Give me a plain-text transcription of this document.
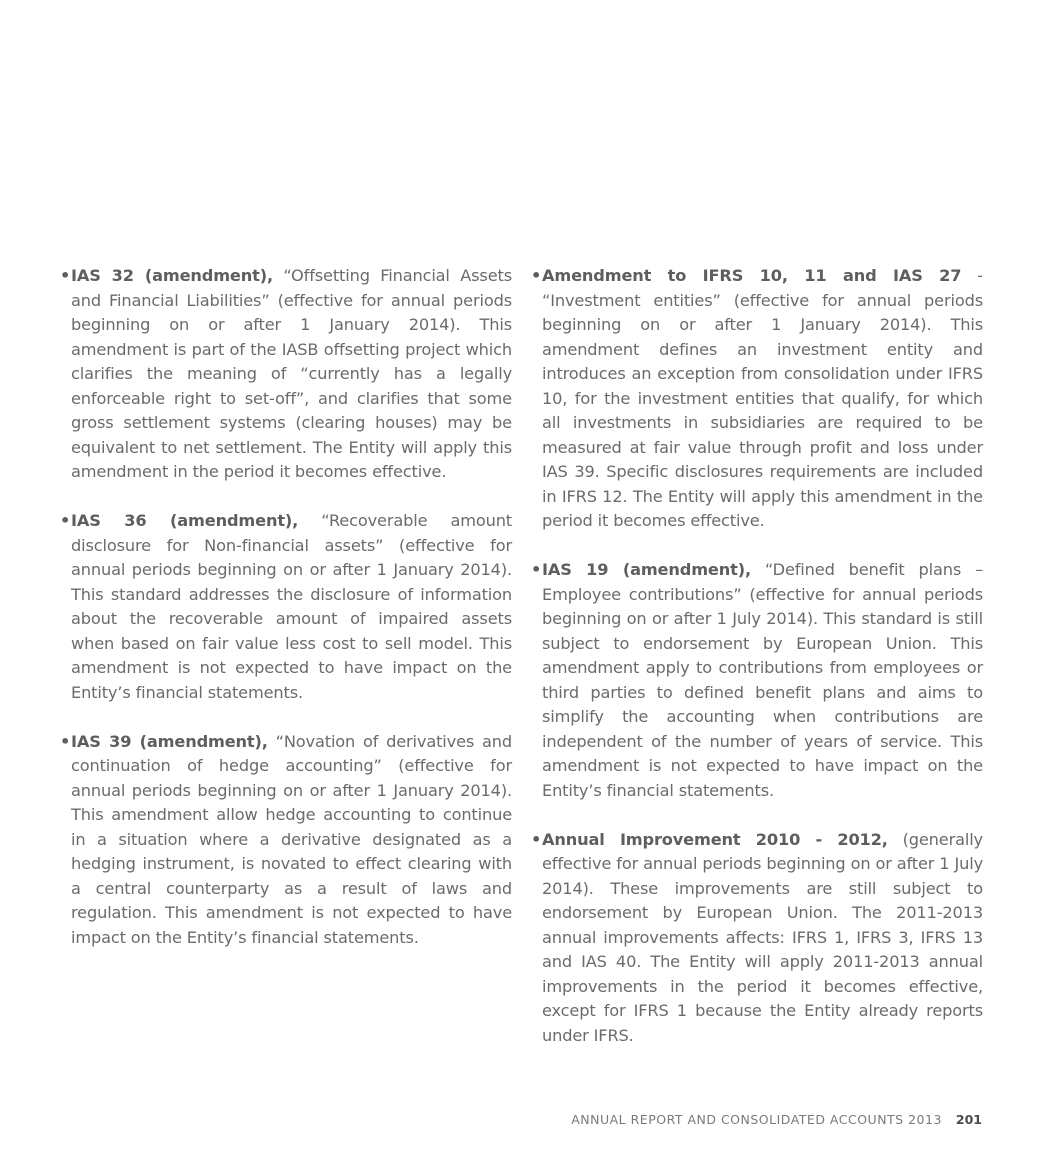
• IAS 32 (amendment), “Offsetting Financial Assets and Financial Liabilities” (effective for annual periods beginning on or after 1 January 2014). This amendment is part of the IASB offsetting project which clarifies the meaning of “currently has a legally enforceable right to set-off”, and clarifies that some gross settlement systems (clearing houses) may be equivalent to net settlement. The Entity will apply this amendment in the period it becomes effective.
• IAS 36 (amendment), “Recoverable amount disclosure for Non-financial assets” (effective for annual periods beginning on or after 1 January 2014). This standard addresses the disclosure of information about the recoverable amount of impaired assets when based on fair value less cost to sell model. This amendment is not expected to have impact on the Entity’s financial statements.
• IAS 39 (amendment), “Novation of derivatives and continuation of hedge accounting” (effective for annual periods beginning on or after 1 January 2014). This amendment allow hedge accounting to continue in a situation where a derivative designated as a hedging instrument, is novated to effect clearing with a central counterparty as a result of laws and regulation. This amendment is not expected to have impact on the Entity’s financial statements.
• Amendment to IFRS 10, 11 and IAS 27 - “Investment entities” (effective for annual periods beginning on or after 1 January 2014). This amendment defines an investment entity and introduces an exception from consolidation under IFRS 10, for the investment entities that qualify, for which all investments in subsidiaries are required to be measured at fair value through profit and loss under IAS 39. Specific disclosures requirements are included in IFRS 12. The Entity will apply this amendment in the period it becomes effective.
• IAS 19 (amendment), “Defined benefit plans – Employee contributions” (effective for annual periods beginning on or after 1 July 2014). This standard is still subject to endorsement by European Union. This amendment apply to contributions from employees or third parties to defined benefit plans and aims to simplify the accounting when contributions are independent of the number of years of service. This amendment is not expected to have impact on the Entity’s financial statements.
• Annual Improvement 2010 - 2012, (generally effective for annual periods beginning on or after 1 July 2014). These improvements are still subject to endorsement by European Union. The 2011-2013 annual improvements affects: IFRS 1, IFRS 3, IFRS 13 and IAS 40. The Entity will apply 2011-2013 annual improvements in the period it becomes effective, except for IFRS 1 because the Entity already reports under IFRS.
ANNUAL REPORT AND CONSOLIDATED ACCOUNTS 2013 201
